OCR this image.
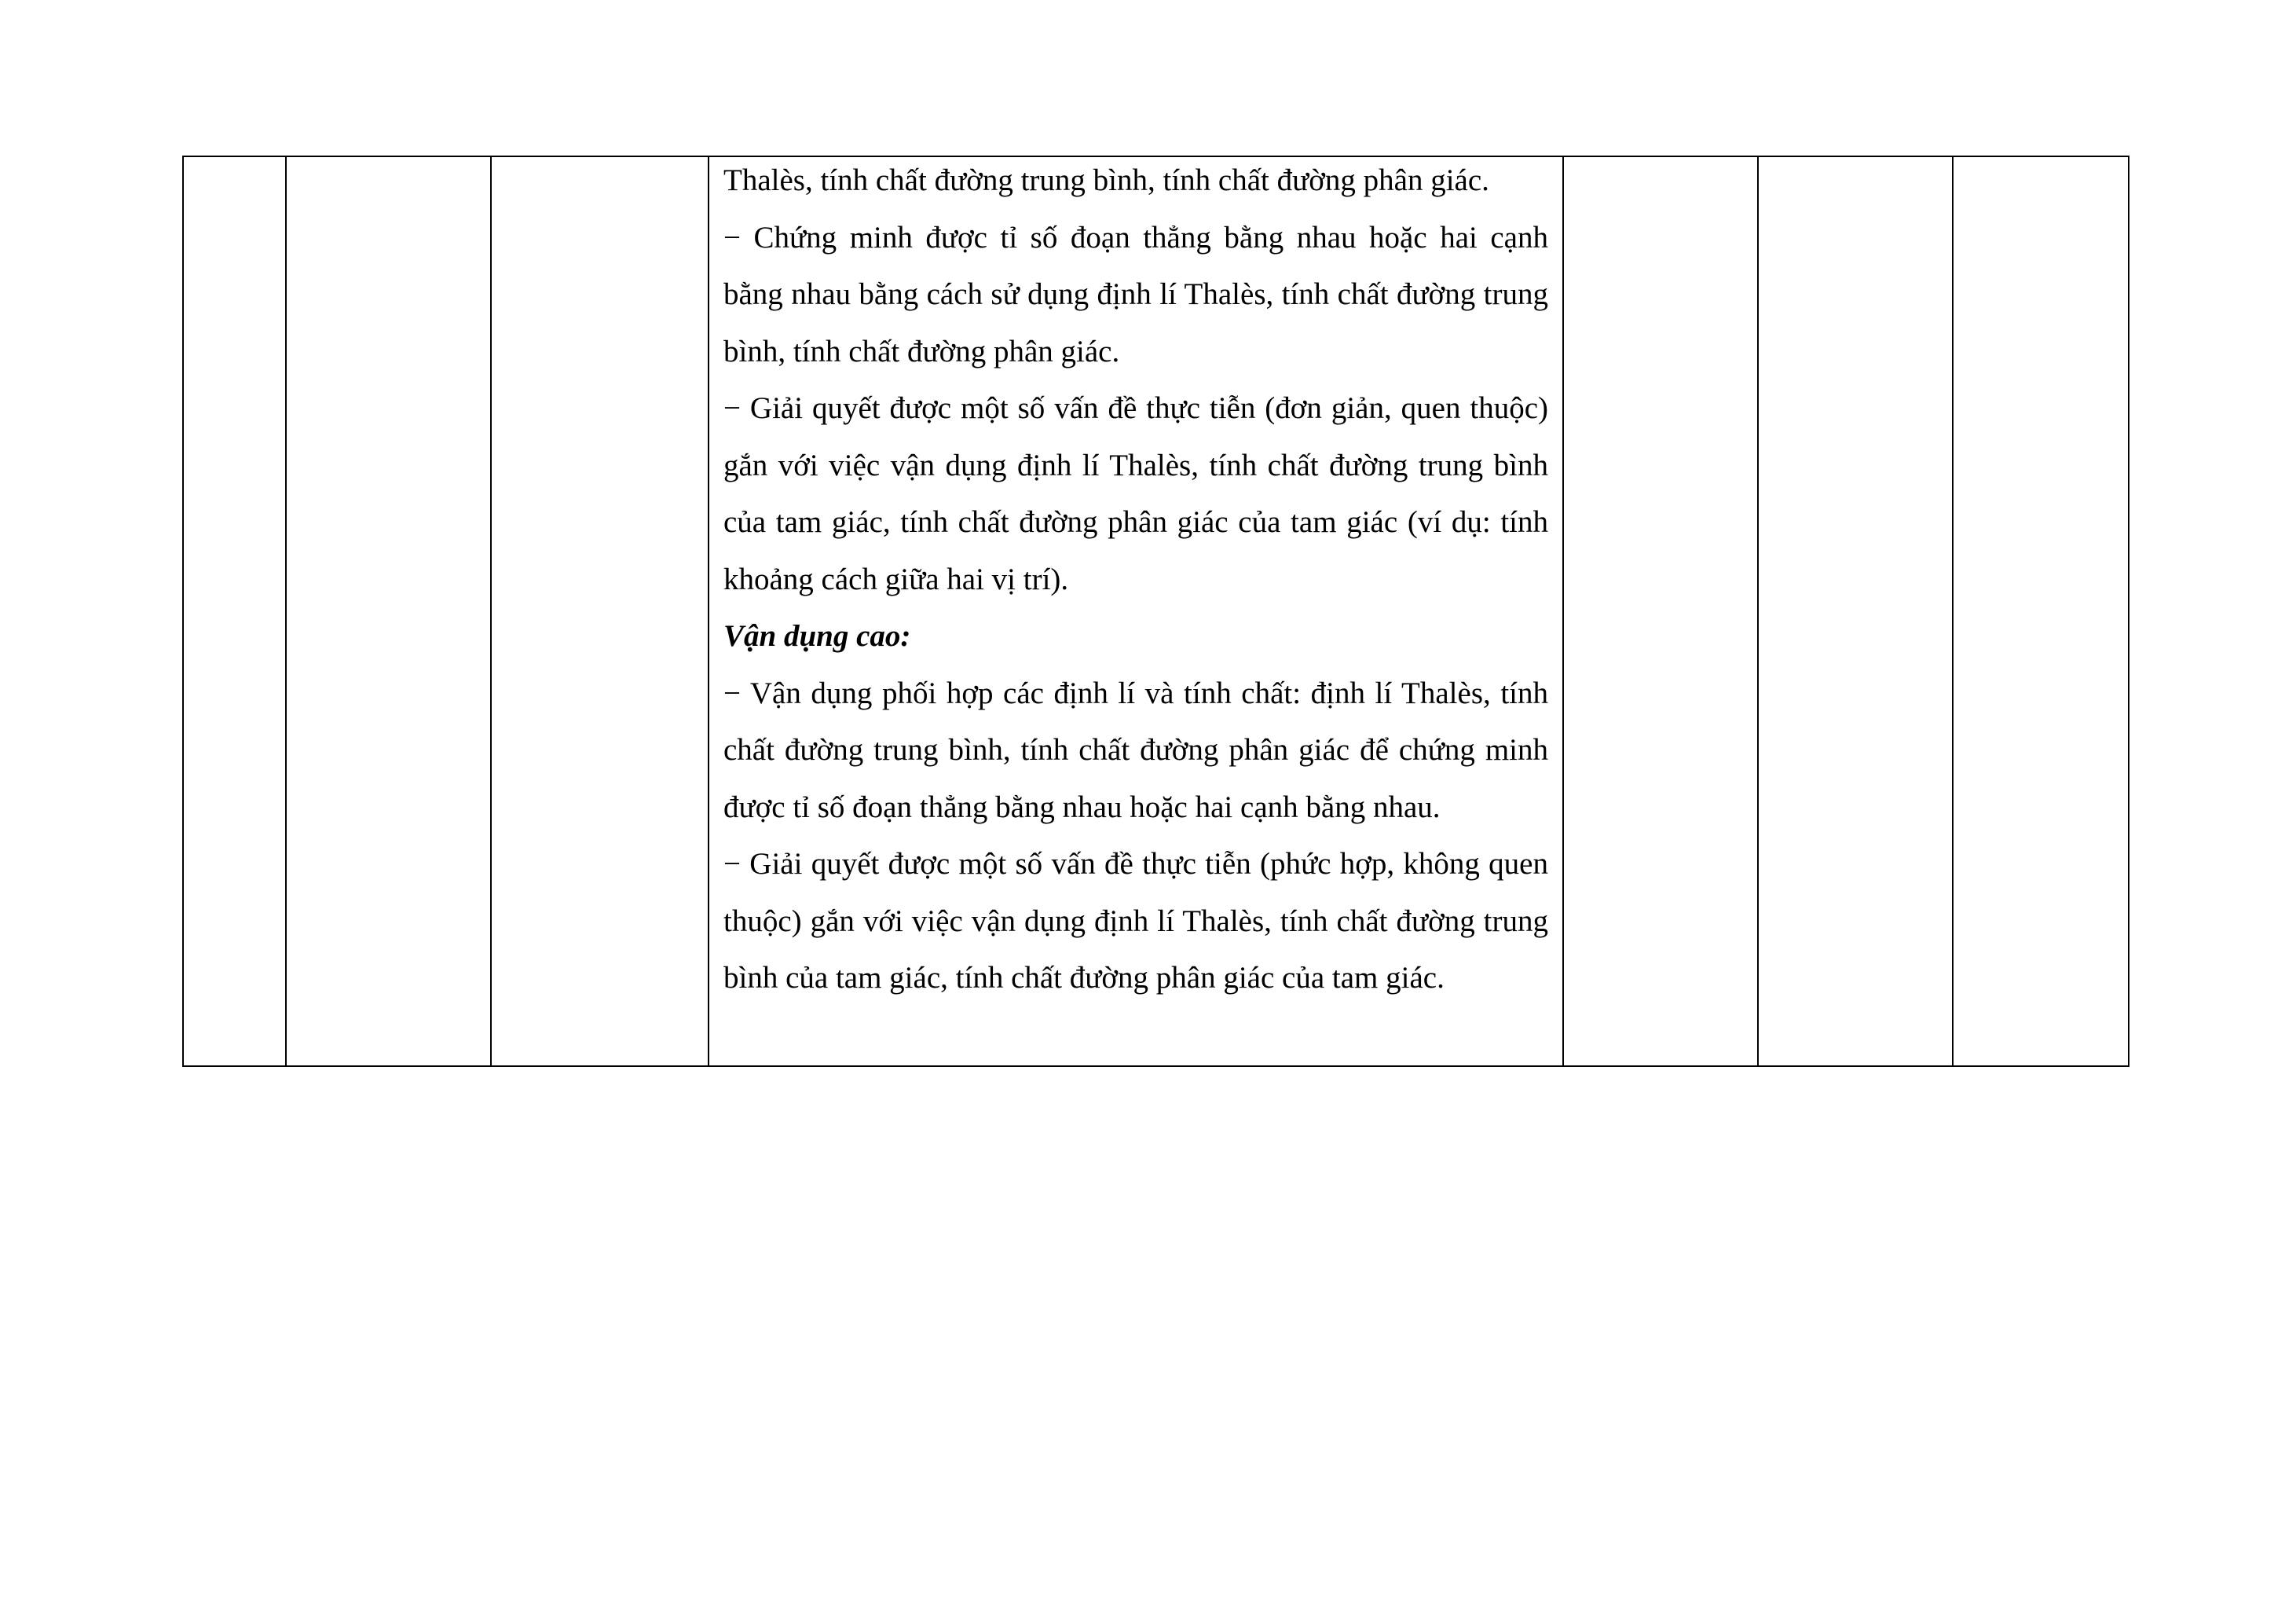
Thalès, tính chất đường trung bình, tính chất đường phân giác.

− Chứng minh được tỉ số đoạn thẳng bằng nhau hoặc hai cạnh bằng nhau bằng cách sử dụng định lí Thalès, tính chất đường trung bình, tính chất đường phân giác.

− Giải quyết được một số vấn đề thực tiễn (đơn giản, quen thuộc) gắn với việc vận dụng định lí Thalès, tính chất đường trung bình của tam giác, tính chất đường phân giác của tam giác (ví dụ: tính khoảng cách giữa hai vị trí).

Vận dụng cao:

− Vận dụng phối hợp các định lí và tính chất: định lí Thalès, tính chất đường trung bình, tính chất đường phân giác để chứng minh được tỉ số đoạn thẳng bằng nhau hoặc hai cạnh bằng nhau.

− Giải quyết được một số vấn đề thực tiễn (phức hợp, không quen thuộc) gắn với việc vận dụng định lí Thalès, tính chất đường trung bình của tam giác, tính chất đường phân giác của tam giác.
